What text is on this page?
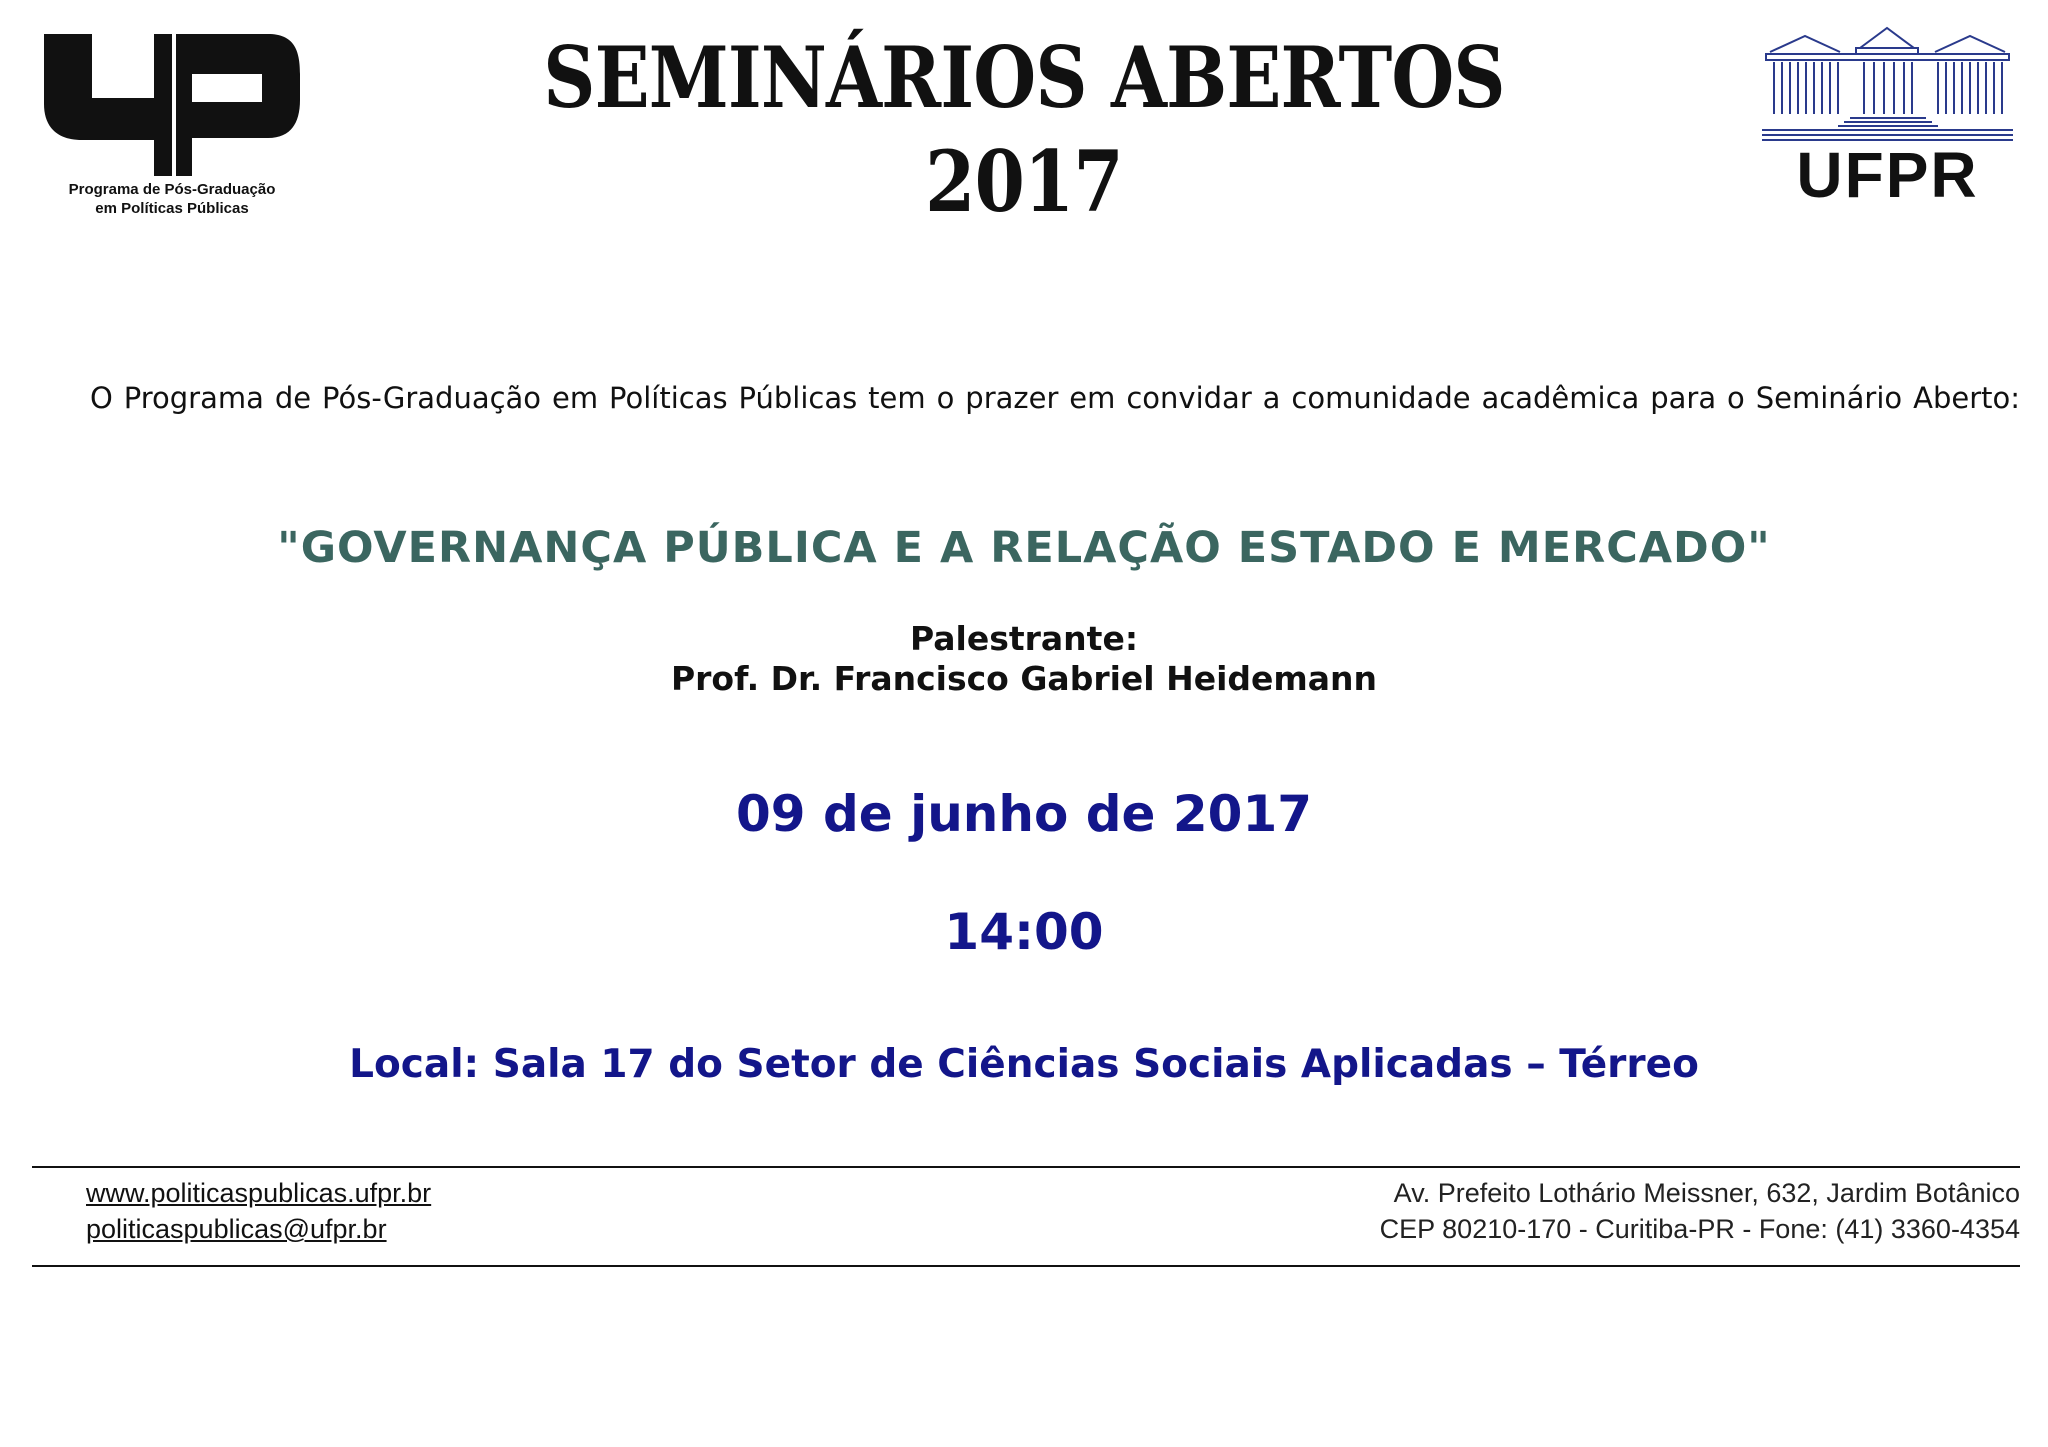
Programa de Pós-Graduação
em Políticas Públicas
SEMINÁRIOS ABERTOS
2017	UFPR
O Programa de Pós-Graduação em Políticas Públicas tem o prazer em convidar a comunidade acadêmica para o Seminário Aberto:
"GOVERNANÇA PÚBLICA E A RELAÇÃO ESTADO E MERCADO"
Palestrante:
Prof. Dr. Francisco Gabriel Heidemann
09 de junho de 2017
14:00
Local: Sala 17 do Setor de Ciências Sociais Aplicadas – Térreo
www.politicaspublicas.ufpr.br
politicaspublicas@ufpr.br
Av. Prefeito Lothário Meissner, 632, Jardim Botânico
CEP 80210-170 - Curitiba-PR - Fone: (41) 3360-4354
